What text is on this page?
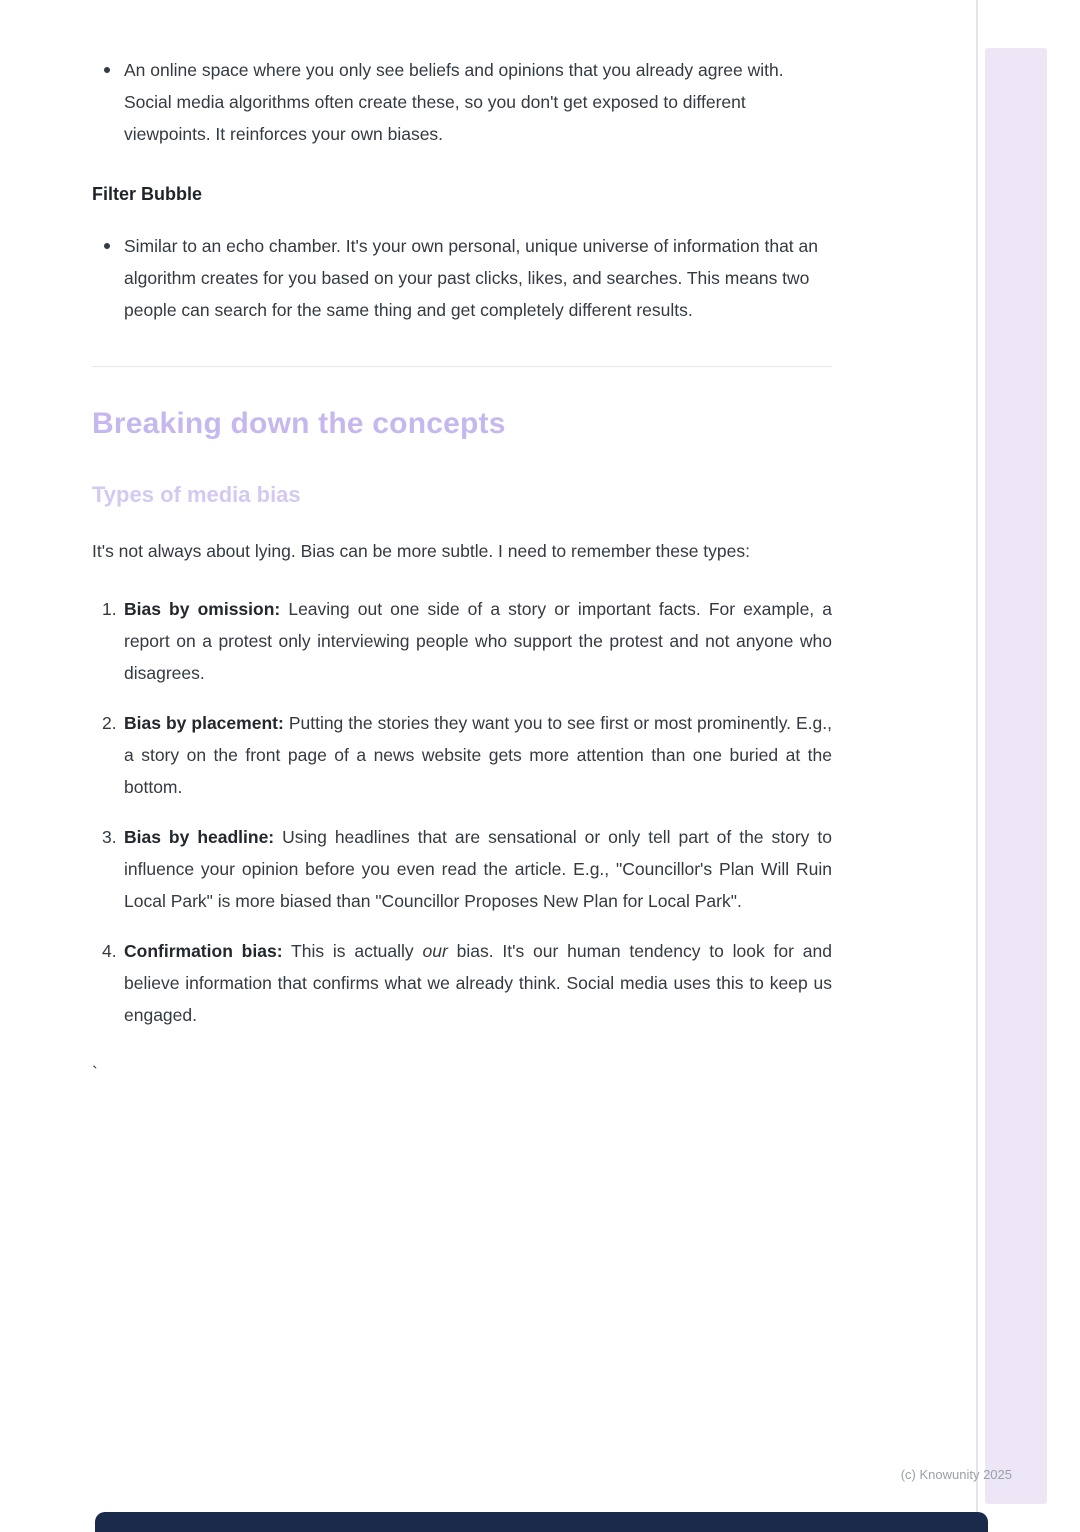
An online space where you only see beliefs and opinions that you already agree with. Social media algorithms often create these, so you don't get exposed to different viewpoints. It reinforces your own biases.

Filter Bubble

Similar to an echo chamber. It's your own personal, unique universe of information that an algorithm creates for you based on your past clicks, likes, and searches. This means two people can search for the same thing and get completely different results.

Breaking down the concepts
Types of media bias

It's not always about lying. Bias can be more subtle. I need to remember these types:

1. Bias by omission: Leaving out one side of a story or important facts. For example, a report on a protest only interviewing people who support the protest and not anyone who disagrees.

2. Bias by placement: Putting the stories they want you to see first or most prominently. E.g., a story on the front page of a news website gets more attention than one buried at the bottom.

3. Bias by headline: Using headlines that are sensational or only tell part of the story to influence your opinion before you even read the article. E.g., "Councillor's Plan Will Ruin Local Park" is more biased than "Councillor Proposes New Plan for Local Park".

4. Confirmation bias: This is actually our bias. It's our human tendency to look for and believe information that confirms what we already think. Social media uses this to keep us engaged.

`

(c) Knowunity 2025
